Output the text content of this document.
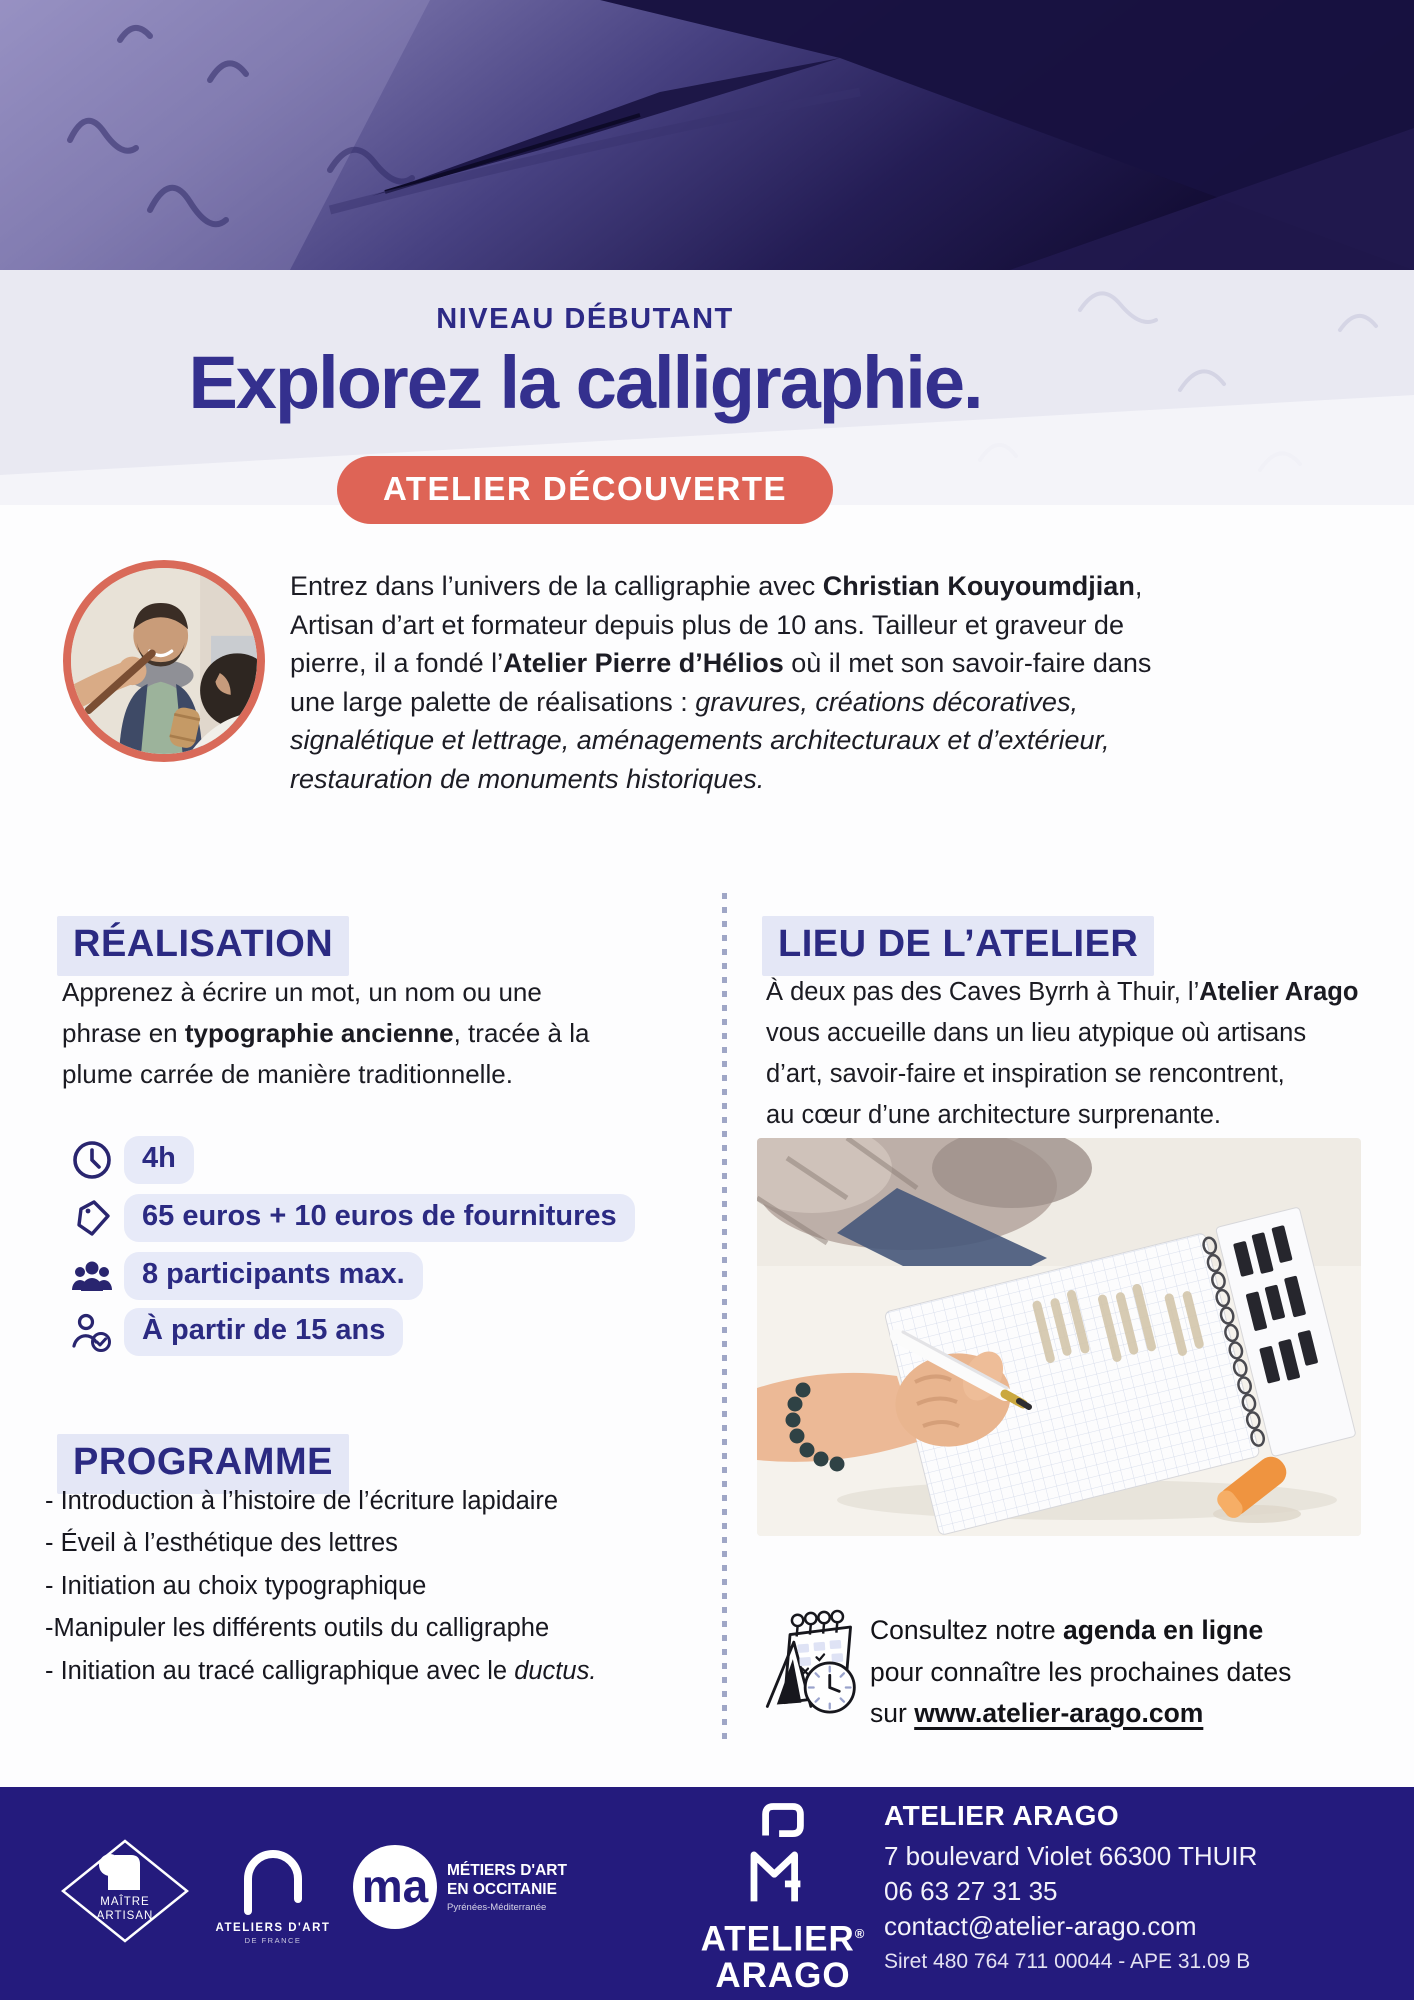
NIVEAU DÉBUTANT
Explorez la calligraphie.
ATELIER DÉCOUVERTE

Entrez dans l’univers de la calligraphie avec Christian Kouyoumdjian,
Artisan d’art et formateur depuis plus de 10 ans. Tailleur et graveur de
pierre, il a fondé l’Atelier Pierre d’Hélios où il met son savoir-faire dans
une large palette de réalisations : gravures, créations décoratives,
signalétique et lettrage, aménagements architecturaux et d’extérieur,
restauration de monuments historiques.

RÉALISATION

Apprenez à écrire un mot, un nom ou une
phrase en typographie ancienne, tracée à la
plume carrée de manière traditionnelle.

4h
65 euros + 10 euros de fournitures
8 participants max.
À partir de 15 ans
PROGRAMME
- Introduction à l’histoire de l’écriture lapidaire
- Éveil à l’esthétique des lettres
- Initiation au choix typographique
-Manipuler les différents outils du calligraphe
- Initiation au tracé calligraphique avec le ductus.
LIEU DE L’ATELIER

À deux pas des Caves Byrrh à Thuir, l’Atelier Arago
vous accueille dans un lieu atypique où artisans
d’art, savoir-faire et inspiration se rencontrent,
au cœur d’une architecture surprenante.

Consultez notre agenda en ligne
pour connaître les prochaines dates
sur www.atelier-arago.com

MAÎTRE
ARTISAN
ATELIERS D'ART
DE FRANCE
ma MÉTIERS D'ART
EN OCCITANIE
Pyrénées-Méditerranée
ATELIER®
ARAGO
ATELIER ARAGO
7 boulevard Violet 66300 THUIR
06 63 27 31 35
contact@atelier-arago.com
Siret 480 764 711 00044 - APE 31.09 B
